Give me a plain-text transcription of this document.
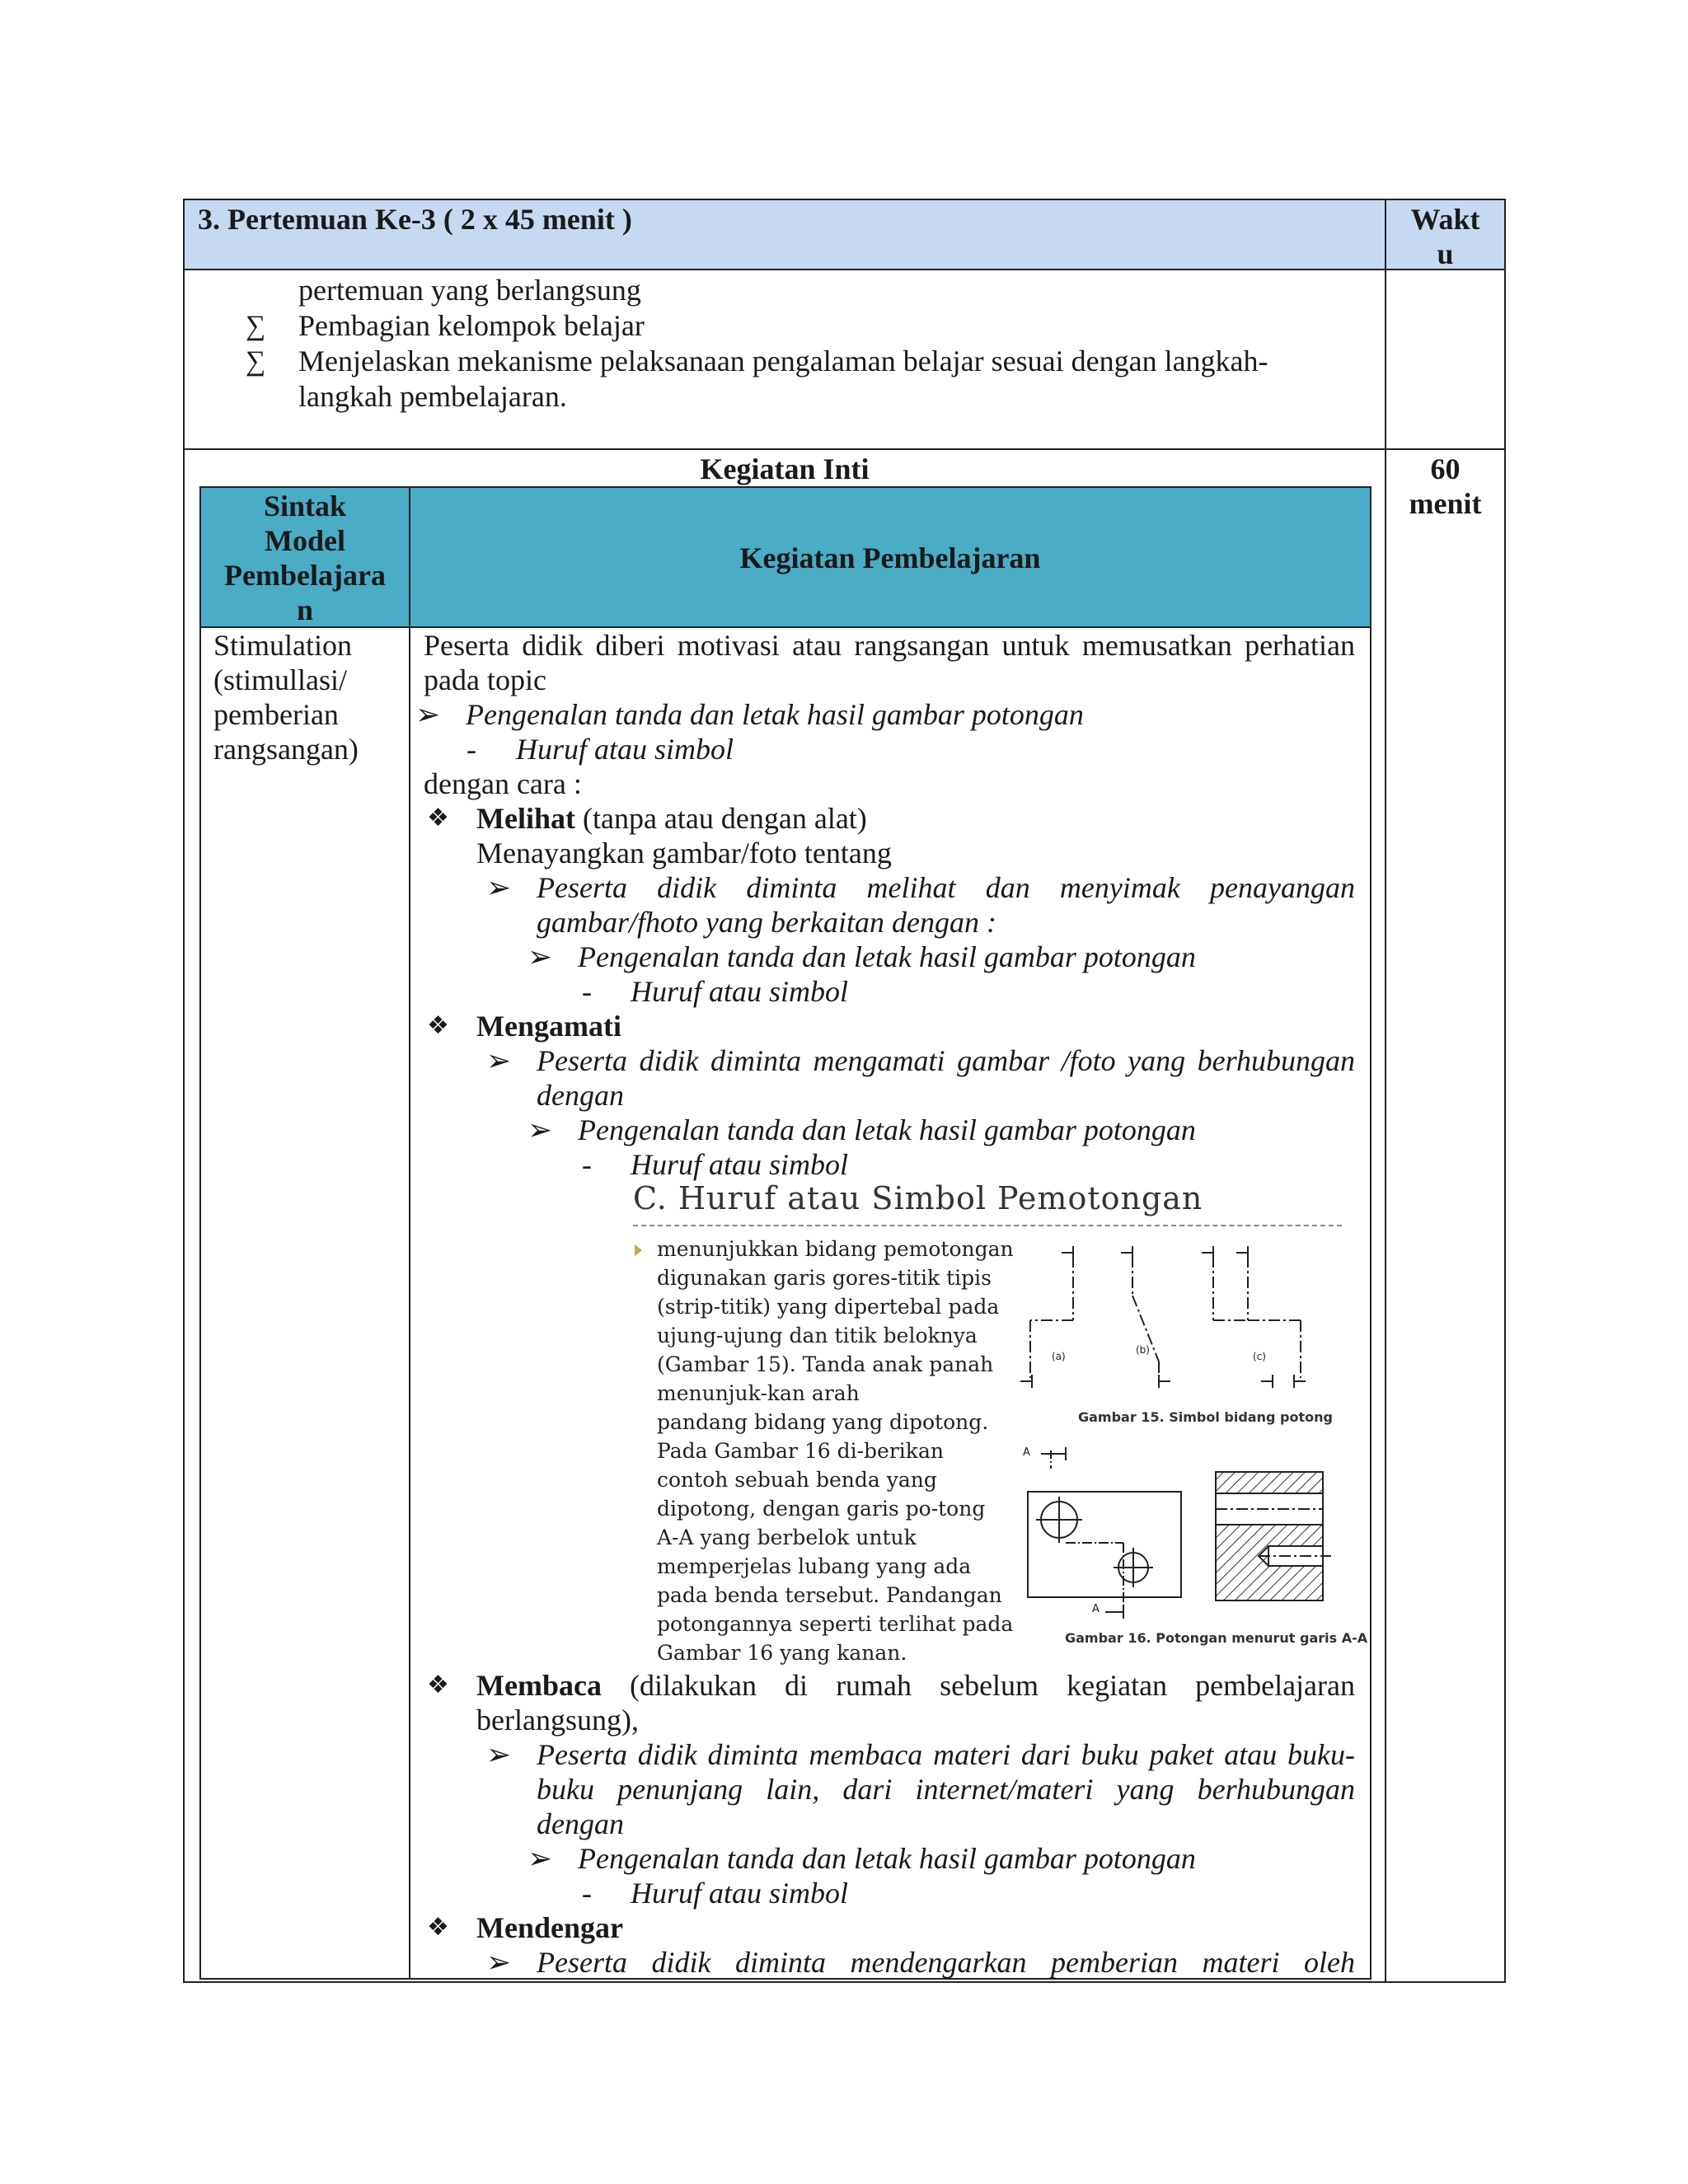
3. Pertemuan Ke-3 ( 2 x 45 menit )	Wakt
u
pertemuan yang berlangsung
∑ Pembagian kelompok belajar
∑ Menjelaskan mekanisme pelaksanaan pengalaman belajar sesuai dengan langkah-
langkah pembelajaran.
Kegiatan Inti	60
menit
Sintak
Model
Pembelajara
n
Kegiatan Pembelajaran
Stimulation
(stimullasi/
pemberian
rangsangan)
Peserta didik diberi motivasi atau rangsangan untuk memusatkan perhatian
pada topic
➢ Pengenalan tanda dan letak hasil gambar potongan
- Huruf atau simbol
dengan cara :
❖ Melihat (tanpa atau dengan alat)
Menayangkan gambar/foto tentang
➢ Peserta didik diminta melihat dan menyimak penayangan
gambar/fhoto yang berkaitan dengan :
➢ Pengenalan tanda dan letak hasil gambar potongan
- Huruf atau simbol
❖ Mengamati
➢ Peserta didik diminta mengamati gambar /foto yang berhubungan
dengan
➢ Pengenalan tanda dan letak hasil gambar potongan
- Huruf atau simbol
C. Huruf atau Simbol Pemotongan
menunjukkan bidang pemotongan
digunakan garis gores-titik tipis
(strip-titik) yang dipertebal pada
ujung-ujung dan titik beloknya
(Gambar 15). Tanda anak panah
menunjuk-kan arah
pandang bidang yang dipotong.
Pada Gambar 16 di-berikan
contoh sebuah benda yang
dipotong, dengan garis po-tong
A-A yang berbelok untuk
memperjelas lubang yang ada
pada benda tersebut. Pandangan
potongannya seperti terlihat pada
Gambar 16 yang kanan.
(a)
(b)
(c)
Gambar 15. Simbol bidang potong
A
A
Gambar 16. Potongan menurut garis A-A
❖ Membaca (dilakukan di rumah sebelum kegiatan pembelajaran
berlangsung),
➢ Peserta didik diminta membaca materi dari buku paket atau buku-
buku penunjang lain, dari internet/materi yang berhubungan
dengan
➢ Pengenalan tanda dan letak hasil gambar potongan
- Huruf atau simbol
❖ Mendengar
➢ Peserta didik diminta mendengarkan pemberian materi oleh
